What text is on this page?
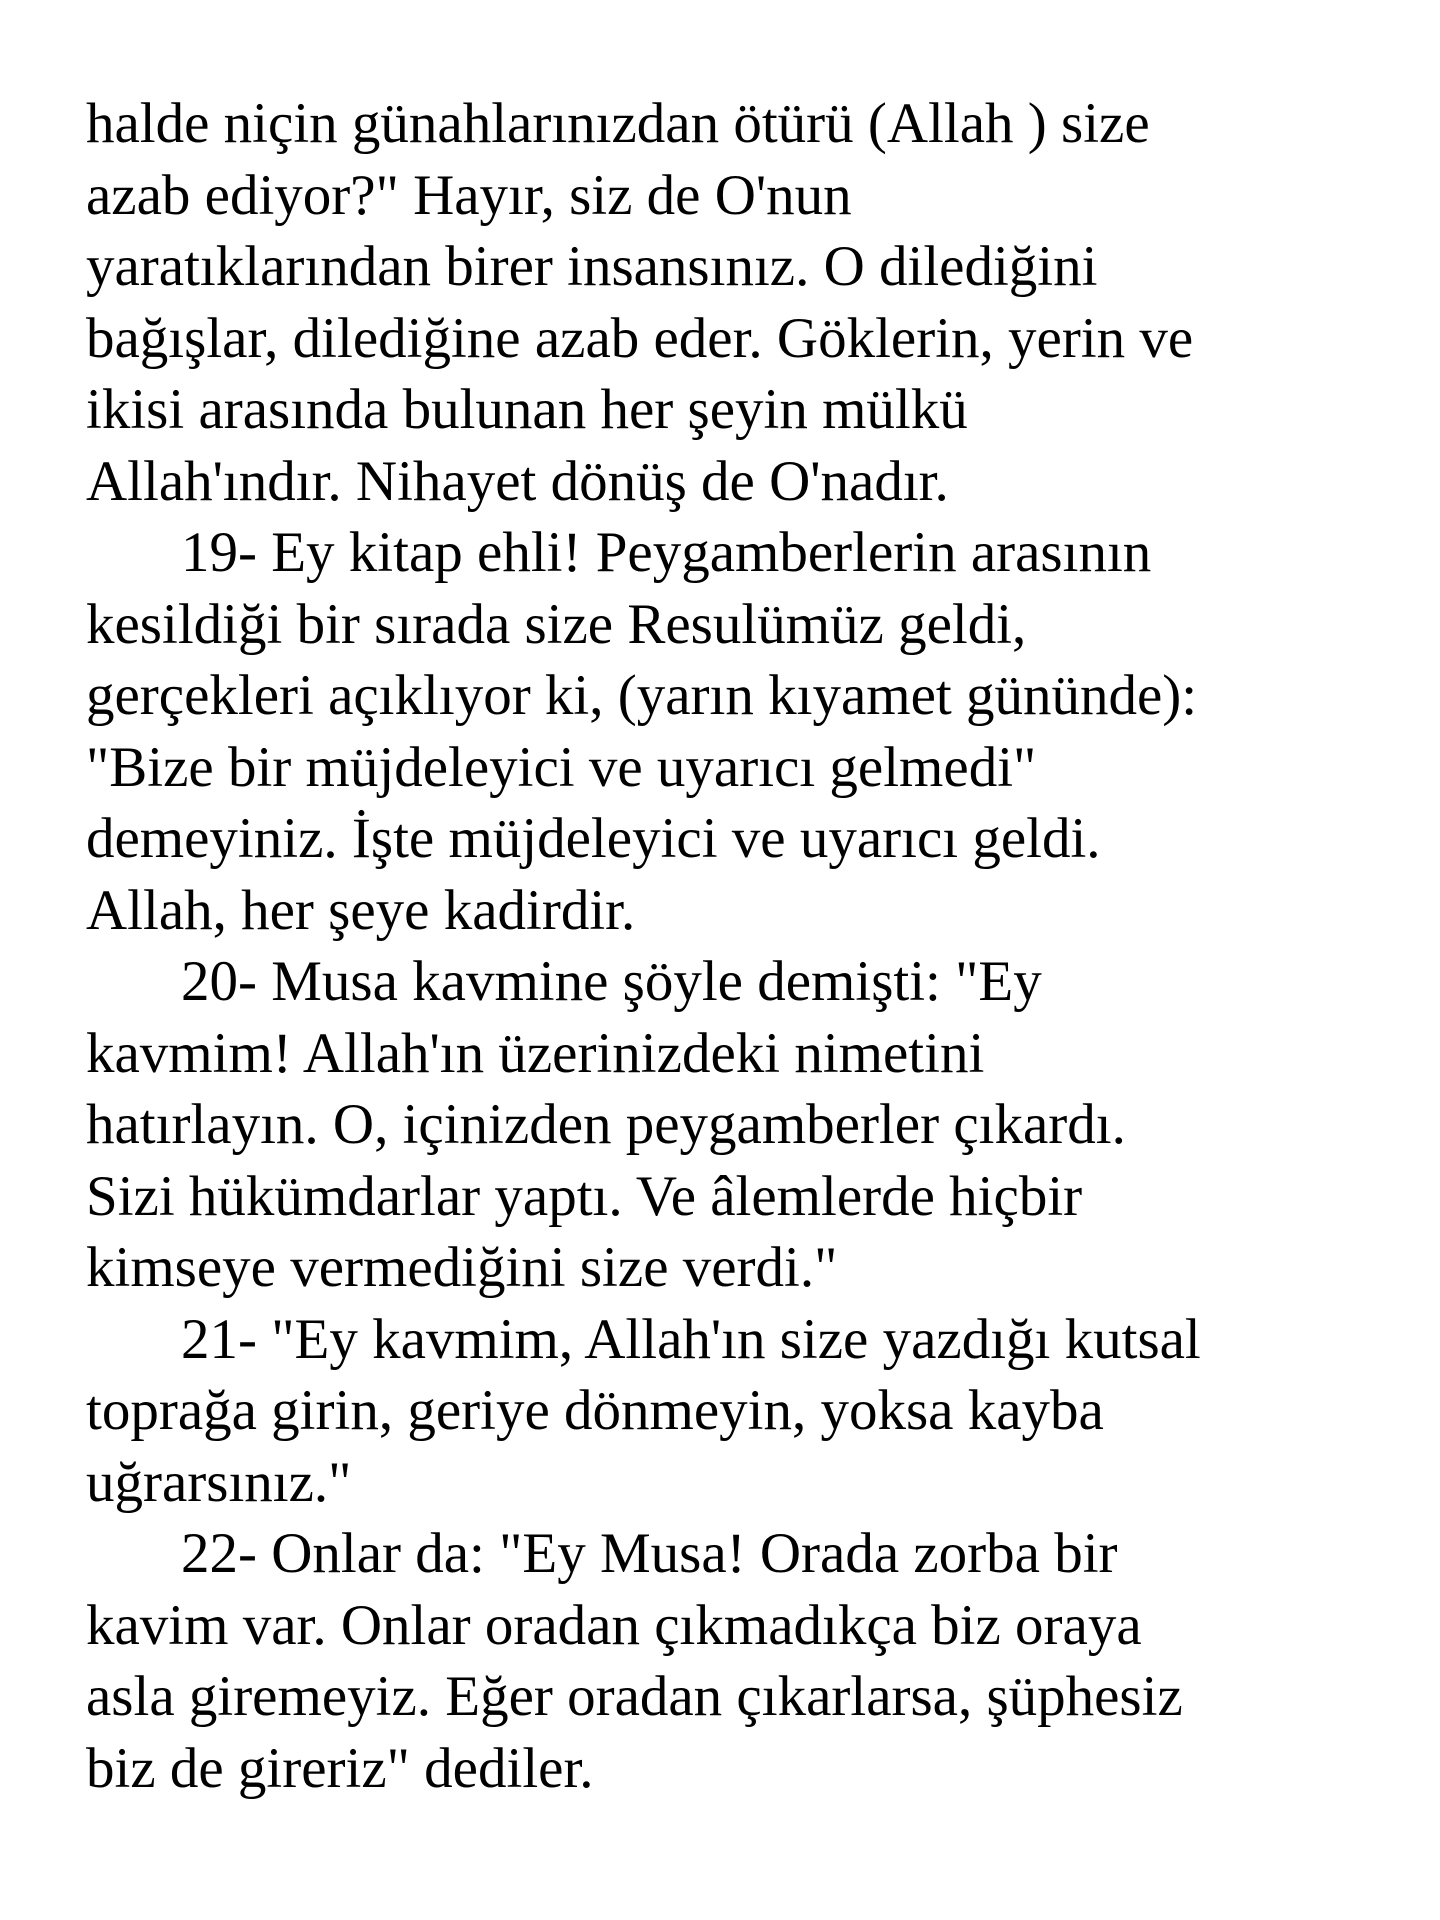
halde niçin günahlarınızdan ötürü (Allah ) size
azab ediyor?" Hayır, siz de O'nun
yaratıklarından birer insansınız. O dilediğini
bağışlar, dilediğine azab eder. Göklerin, yerin ve
ikisi arasında bulunan her şeyin mülkü
Allah'ındır. Nihayet dönüş de O'nadır.
19- Ey kitap ehli! Peygamberlerin arasının
kesildiği bir sırada size Resulümüz geldi,
gerçekleri açıklıyor ki, (yarın kıyamet gününde):
"Bize bir müjdeleyici ve uyarıcı gelmedi"
demeyiniz. İşte müjdeleyici ve uyarıcı geldi.
Allah, her şeye kadirdir.
20- Musa kavmine şöyle demişti: "Ey
kavmim! Allah'ın üzerinizdeki nimetini
hatırlayın. O, içinizden peygamberler çıkardı.
Sizi hükümdarlar yaptı. Ve âlemlerde hiçbir
kimseye vermediğini size verdi."
21- "Ey kavmim, Allah'ın size yazdığı kutsal
toprağa girin, geriye dönmeyin, yoksa kayba
uğrarsınız."
22- Onlar da: "Ey Musa! Orada zorba bir
kavim var. Onlar oradan çıkmadıkça biz oraya
asla giremeyiz. Eğer oradan çıkarlarsa, şüphesiz
biz de gireriz" dediler.
